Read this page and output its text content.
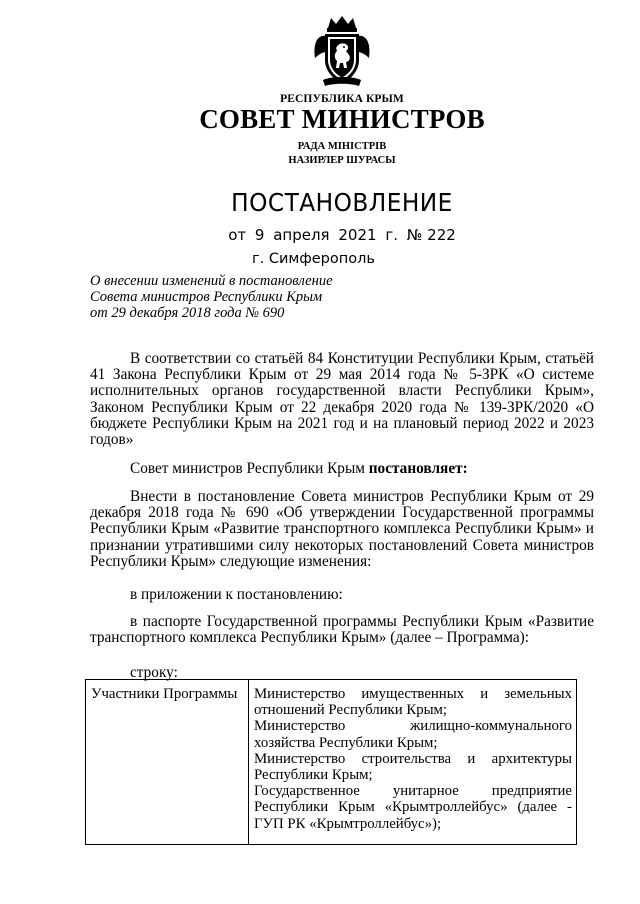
РЕСПУБЛИКА КРЫМ
СОВЕТ МИНИСТРОВ
РАДА МІНІСТРІВ
НАЗИРЛЕР ШУРАСЫ
ПОСТАНОВЛЕНИЕ
от 9 апреля 2021 г. № 222
г. Симферополь
О внесении изменений в постановление
Совета министров Республики Крым
от 29 декабря 2018 года № 690
В соответствии со статьёй 84 Конституции Республики Крым, статьёй 41 Закона Республики Крым от 29 мая 2014 года № 5-ЗРК «О системе исполнительных органов государственной власти Республики Крым», Законом Республики Крым от 22 декабря 2020 года № 139-ЗРК/2020 «О бюджете Республики Крым на 2021 год и на плановый период 2022 и 2023 годов»
Совет министров Республики Крым постановляет:
Внести в постановление Совета министров Республики Крым от 29 декабря 2018 года № 690 «Об утверждении Государственной программы Республики Крым «Развитие транспортного комплекса Республики Крым» и признании утратившими силу некоторых постановлений Совета министров Республики Крым» следующие изменения:
в приложении к постановлению:
в паспорте Государственной программы Республики Крым «Развитие транспортного комплекса Республики Крым» (далее – Программа):
строку:
Участники Программы	Министерство имущественных и земельных отношений Республики Крым;
Министерство жилищно-коммунального хозяйства Республики Крым;
Министерство строительства и архитектуры Республики Крым;
Государственное унитарное предприятие Республики Крым «Крымтроллейбус» (далее - ГУП РК «Крымтроллейбус»);
